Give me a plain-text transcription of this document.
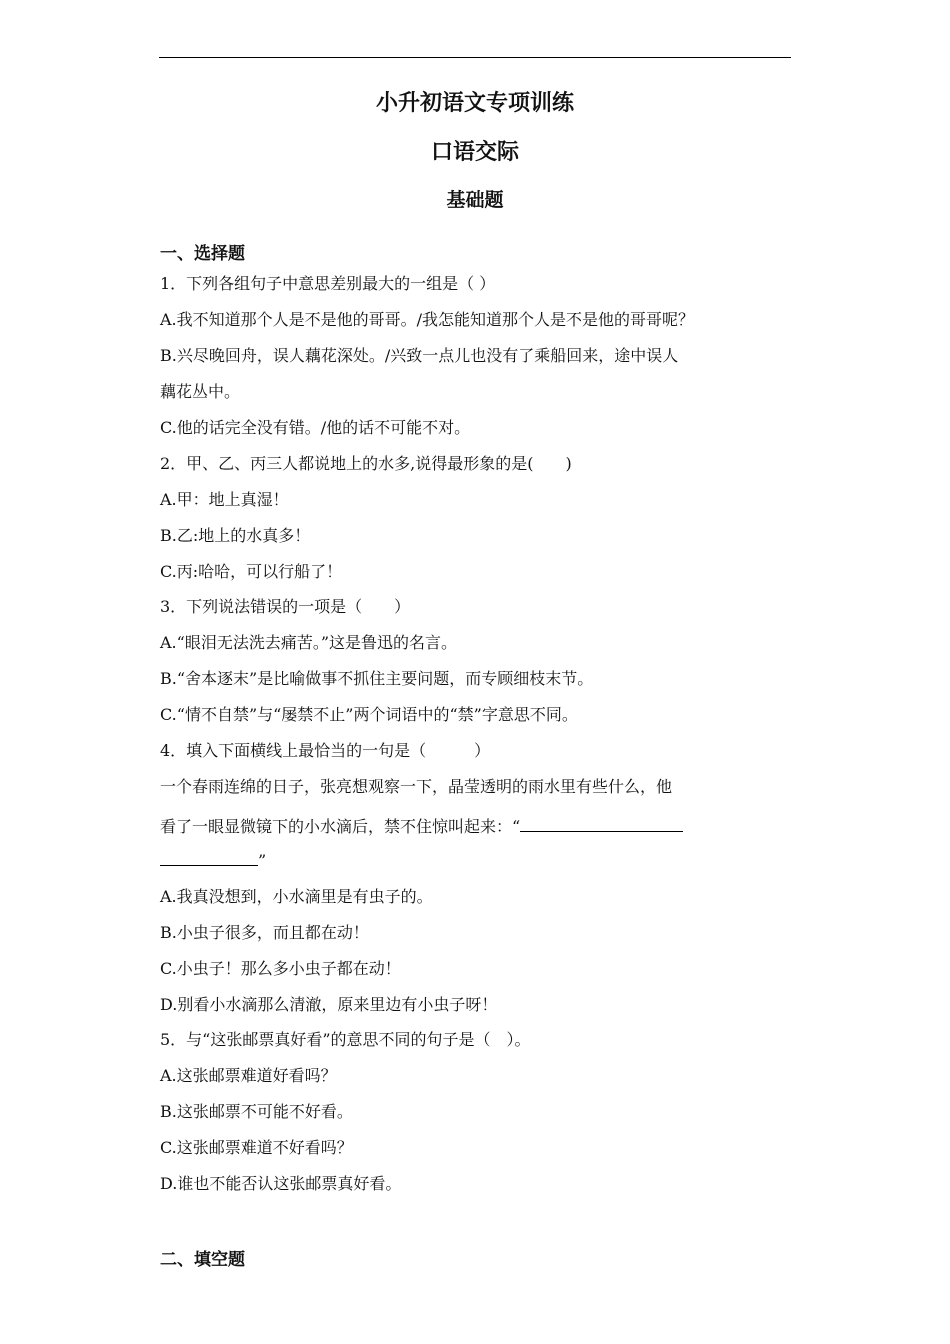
小升初语文专项训练
口语交际
基础题
一、选择题
1．下列各组句子中意思差别最大的一组是（ ）
A.我不知道那个人是不是他的哥哥。/我怎能知道那个人是不是他的哥哥呢？
B.兴尽晚回舟，误人藕花深处。/兴致一点儿也没有了乘船回来，途中误人
藕花丛中。
C.他的话完全没有错。/他的话不可能不对。
2．甲、乙、丙三人都说地上的水多,说得最形象的是(　　)
A.甲：地上真湿！
B.乙:地上的水真多！
C.丙:哈哈，可以行船了！
3．下列说法错误的一项是（　　）
A.“眼泪无法洗去痛苦。”这是鲁迅的名言。
B.“舍本逐末”是比喻做事不抓住主要问题，而专顾细枝末节。
C.“情不自禁”与“屡禁不止”两个词语中的“禁”字意思不同。
4．填入下面横线上最恰当的一句是（　　　）
一个春雨连绵的日子，张亮想观察一下，晶莹透明的雨水里有些什么，他
看了一眼显微镜下的小水滴后，禁不住惊叫起来：“
”
A.我真没想到，小水滴里是有虫子的。
B.小虫子很多，而且都在动！
C.小虫子！那么多小虫子都在动！
D.别看小水滴那么清澈，原来里边有小虫子呀！
5．与“这张邮票真好看”的意思不同的句子是（　）。
A.这张邮票难道好看吗？
B.这张邮票不可能不好看。
C.这张邮票难道不好看吗？
D.谁也不能否认这张邮票真好看。
二、填空题
